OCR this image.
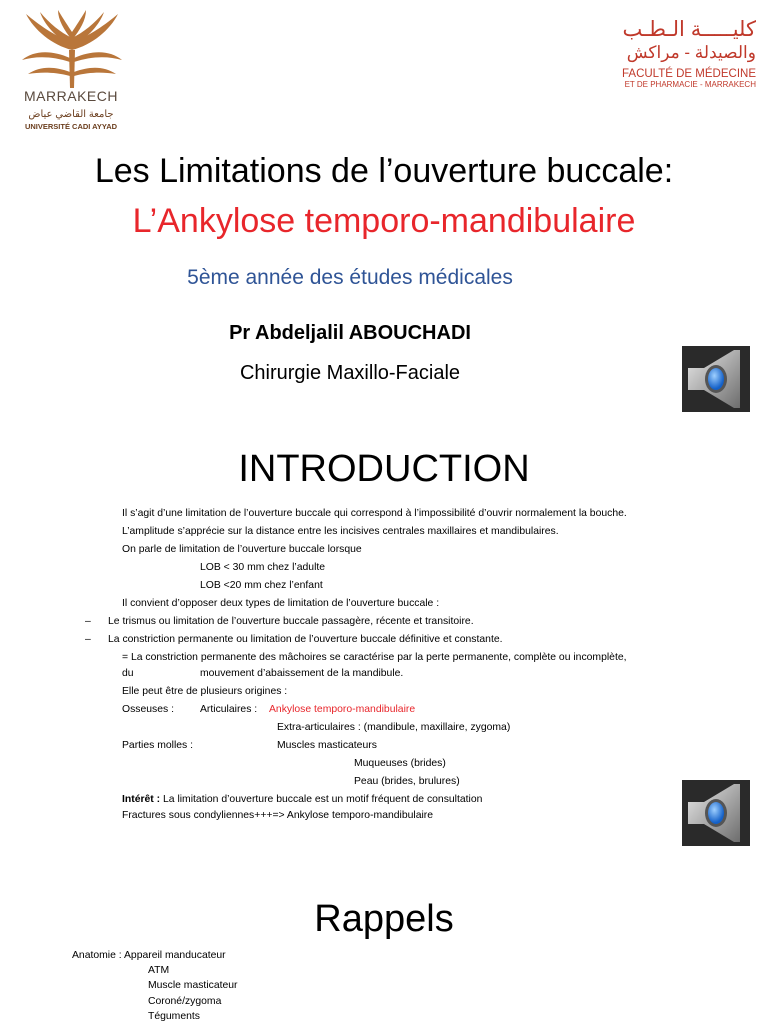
MARRAKECH
جامعة القاضي عياض
UNIVERSITÉ CADI AYYAD
كليـــــة الـطـب
والصيدلة - مراكش
FACULTÉ DE MÉDECINE
ET DE PHARMACIE - MARRAKECH
Les Limitations de l’ouverture buccale:
L’Ankylose temporo-mandibulaire
5ème année des études médicales
Pr Abdeljalil ABOUCHADI
Chirurgie Maxillo-Faciale
INTRODUCTION
Il s’agit d’une limitation de l’ouverture buccale qui correspond à l’impossibilité d’ouvrir normalement la bouche.
L’amplitude s’apprécie sur la distance entre les incisives centrales maxillaires et mandibulaires.
On parle de limitation de l’ouverture buccale lorsque
LOB < 30 mm chez l’adulte
LOB <20 mm chez l’enfant
Il convient d’opposer deux types de limitation de l’ouverture buccale :
– Le trismus ou limitation de l’ouverture buccale passagère, récente et transitoire.
– La constriction permanente ou limitation de l’ouverture buccale définitive et constante.
= La constriction permanente des mâchoires se caractérise par la perte permanente, complète ou incomplète,
du	mouvement d’abaissement de la mandibule.
Elle peut être de plusieurs origines :
Osseuses :	Articulaires : Ankylose temporo-mandibulaire
Extra-articulaires : (mandibule, maxillaire, zygoma)
Parties molles :	Muscles masticateurs
Muqueuses (brides)
Peau (brides, brulures)
Intérêt : La limitation d’ouverture buccale est un motif fréquent de consultation
Fractures sous condyliennes+++=> Ankylose temporo-mandibulaire
Rappels
Anatomie : Appareil manducateur
ATM
Muscle masticateur
Coroné/zygoma
Téguments
